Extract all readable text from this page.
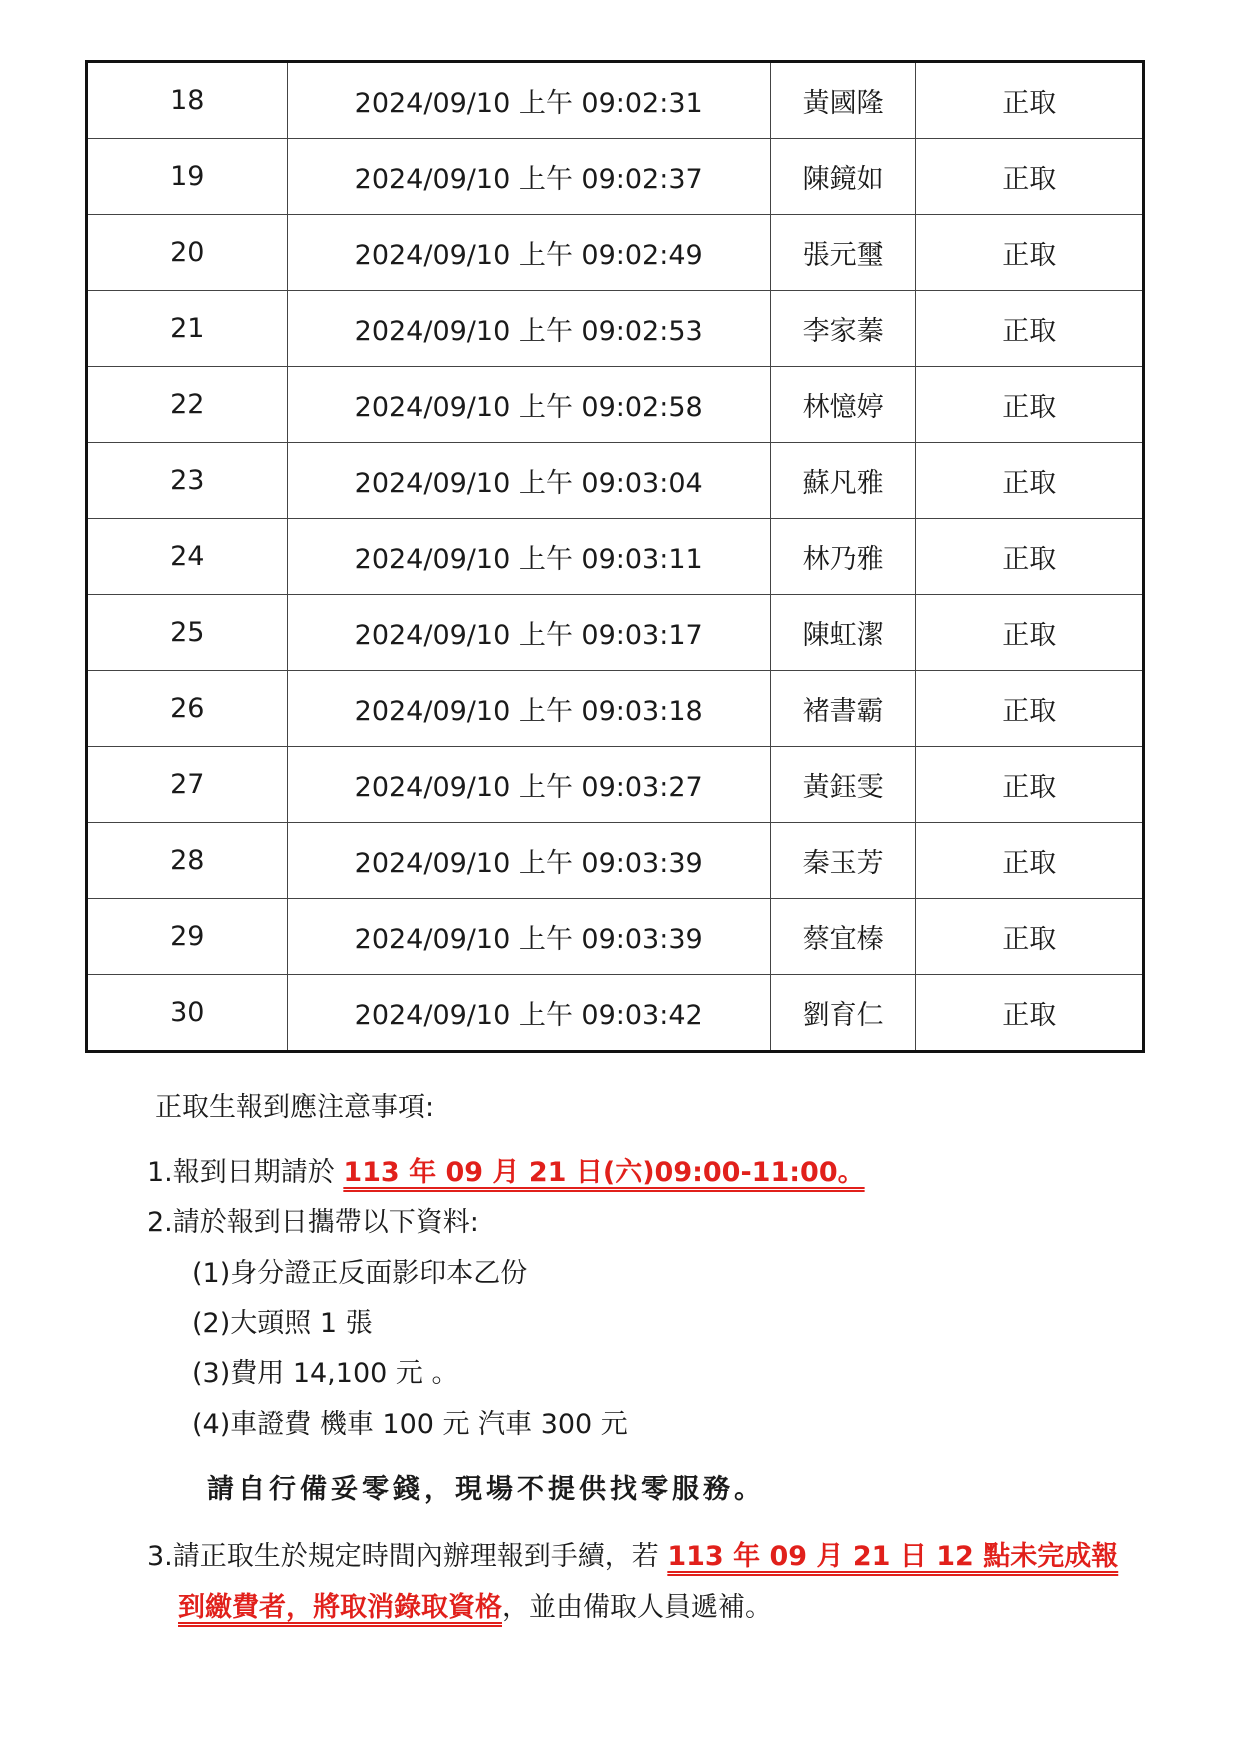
18	2024/09/10 上午 09:02:31	黃國隆	正取
19	2024/09/10 上午 09:02:37	陳鏡如	正取
20	2024/09/10 上午 09:02:49	張元璽	正取
21	2024/09/10 上午 09:02:53	李家蓁	正取
22	2024/09/10 上午 09:02:58	林憶婷	正取
23	2024/09/10 上午 09:03:04	蘇凡雅	正取
24	2024/09/10 上午 09:03:11	林乃雅	正取
25	2024/09/10 上午 09:03:17	陳虹潔	正取
26	2024/09/10 上午 09:03:18	褚書霸	正取
27	2024/09/10 上午 09:03:27	黃鈺雯	正取
28	2024/09/10 上午 09:03:39	秦玉芳	正取
29	2024/09/10 上午 09:03:39	蔡宜榛	正取
30	2024/09/10 上午 09:03:42	劉育仁	正取
正取生報到應注意事項:
1.報到日期請於 113 年 09 月 21 日(六)09:00-11:00。
2.請於報到日攜帶以下資料:
(1)身分證正反面影印本乙份
(2)大頭照 1 張
(3)費用 14,100 元 。
(4)車證費 機車 100 元 汽車 300 元
請自行備妥零錢，現場不提供找零服務。
3.請正取生於規定時間內辦理報到手續，若 113 年 09 月 21 日 12 點未完成報
到繳費者，將取消錄取資格，並由備取人員遞補。
